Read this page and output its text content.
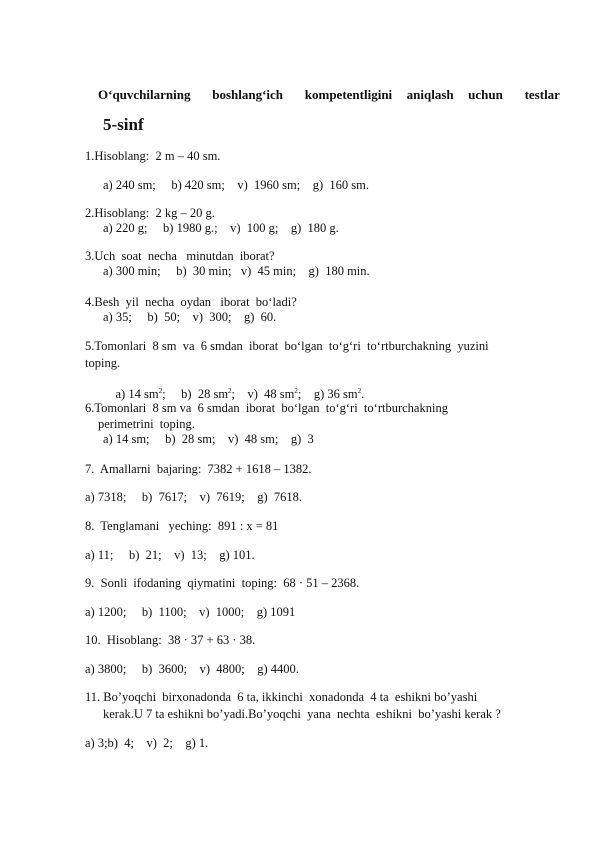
O‘quvchilarning   boshlang‘ich   kompetentligini  aniqlash  uchun   testlar
5-sinf
1.Hisoblang:  2 m – 40 sm.
a) 240 sm;     b) 420 sm;    v)  1960 sm;    g)  160 sm.
2.Hisoblang:  2 kg – 20 g.
a) 220 g;     b) 1980 g.;    v)  100 g;    g)  180 g.
3.Uch  soat  necha   minutdan  iborat?
a) 300 min;     b)  30 min;   v)  45 min;    g)  180 min.
4.Besh  yil  necha  oydan   iborat  bo‘ladi?
a) 35;     b)  50;    v)  300;    g)  60.
5.Tomonlari  8 sm  va  6 smdan  iborat  bo‘lgan  to‘g‘ri  to‘rtburchakning  yuzini
toping.

a) 14 $sm^2$;     b)  28 $sm^2$;    v)  48 $sm^2$;    g) 36 $sm^2$.

6.Tomonlari  8 sm va  6 smdan  iborat  bo‘lgan  to‘g‘ri  to‘rtburchakning
perimetrini  toping.
a) 14 sm;     b)  28 sm;    v)  48 sm;    g)  3
7.  Amallarni  bajaring:  7382 + 1618 – 1382.
a) 7318;     b)  7617;    v)  7619;    g)  7618.
8.  Tenglamani   yeching:  891 : x = 81
a) 11;     b)  21;    v)  13;    g) 101.
9.  Sonli  ifodaning  qiymatini  toping:  68 · 51 – 2368.
a) 1200;     b)  1100;    v)  1000;    g) 1091
10.  Hisoblang:  38 · 37 + 63 · 38.
a) 3800;     b)  3600;    v)  4800;    g) 4400.
11. Bo’yoqchi  birxonadonda  6 ta, ikkinchi  xonadonda  4 ta  eshikni bo’yashi
kerak.U 7 ta eshikni bo’yadi.Bo’yoqchi  yana  nechta  eshikni  bo’yashi kerak ?
a) 3;b)  4;    v)  2;    g) 1.
